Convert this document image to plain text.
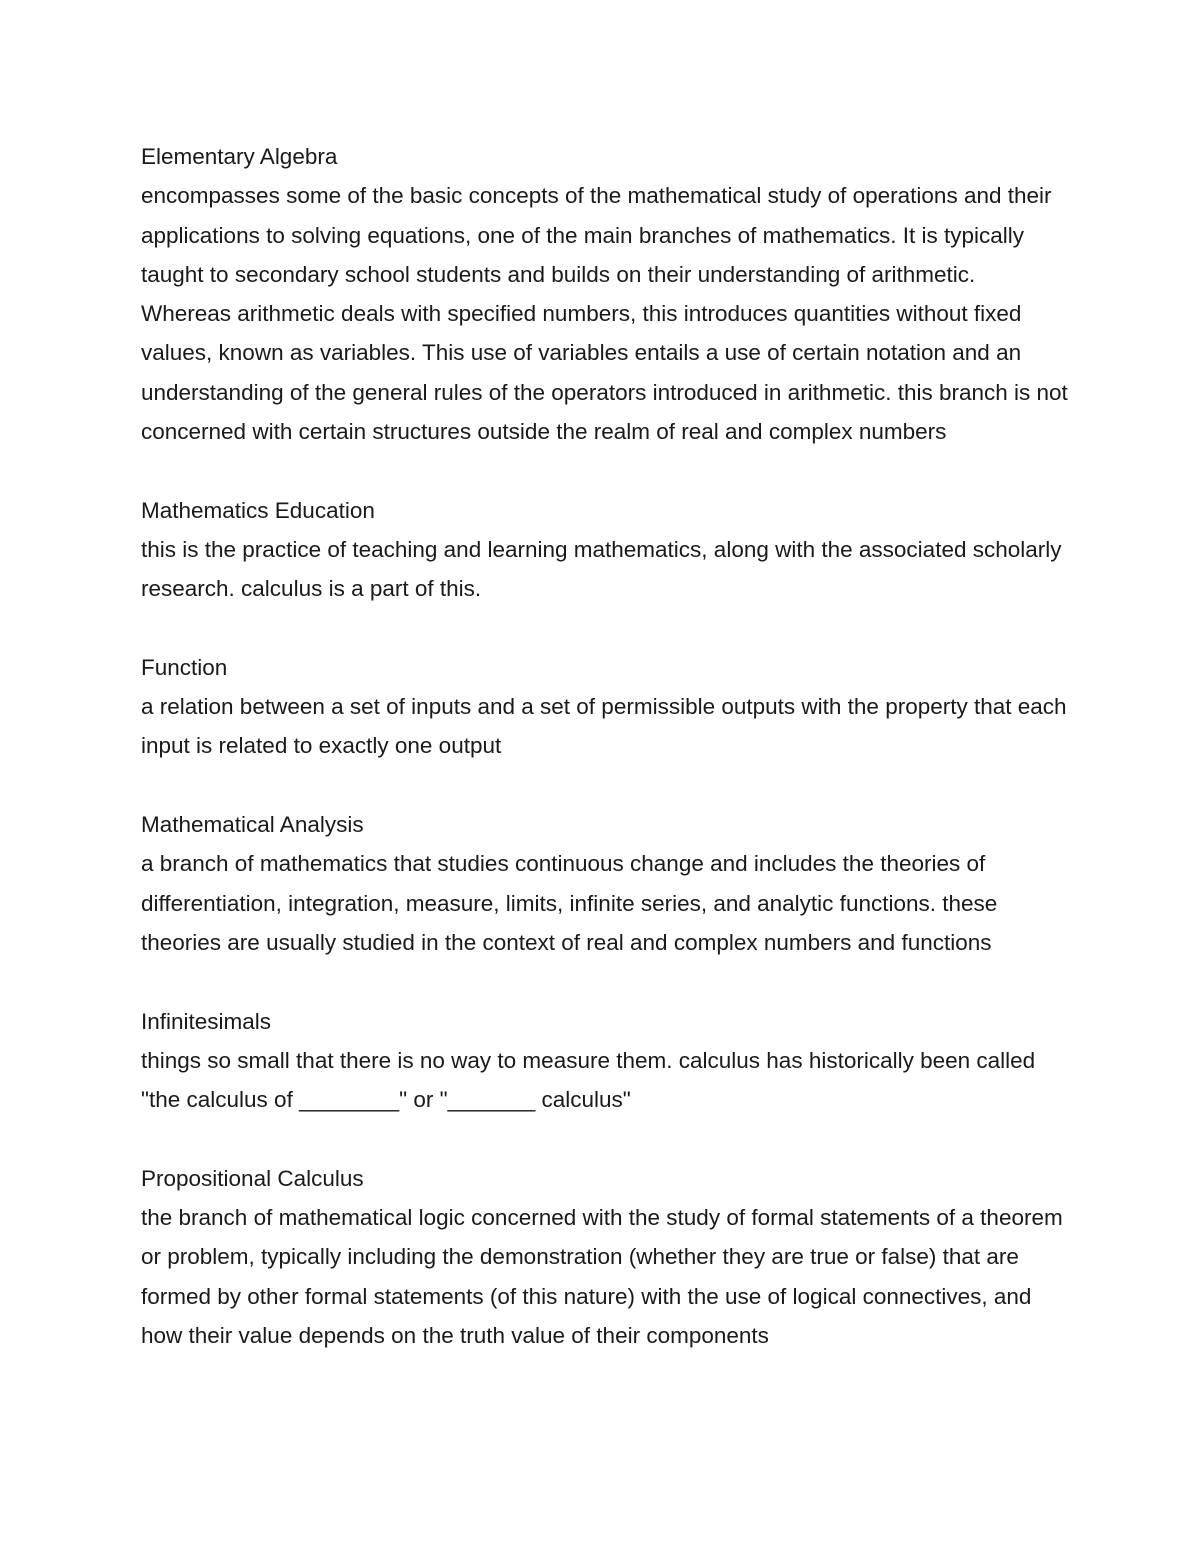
Elementary Algebra

encompasses some of the basic concepts of the mathematical study of operations and their applications to solving equations, one of the main branches of mathematics. It is typically taught to secondary school students and builds on their understanding of arithmetic. Whereas arithmetic deals with specified numbers, this introduces quantities without fixed values, known as variables. This use of variables entails a use of certain notation and an understanding of the general rules of the operators introduced in arithmetic. this branch is not concerned with certain structures outside the realm of real and complex numbers

Mathematics Education

this is the practice of teaching and learning mathematics, along with the associated scholarly research. calculus is a part of this.

Function

a relation between a set of inputs and a set of permissible outputs with the property that each input is related to exactly one output

Mathematical Analysis

a branch of mathematics that studies continuous change and includes the theories of differentiation, integration, measure, limits, infinite series, and analytic functions. these theories are usually studied in the context of real and complex numbers and functions

Infinitesimals

things so small that there is no way to measure them. calculus has historically been called "the calculus of ________" or "_______ calculus"

Propositional Calculus

the branch of mathematical logic concerned with the study of formal statements of a theorem or problem, typically including the demonstration (whether they are true or false) that are formed by other formal statements (of this nature) with the use of logical connectives, and how their value depends on the truth value of their components
